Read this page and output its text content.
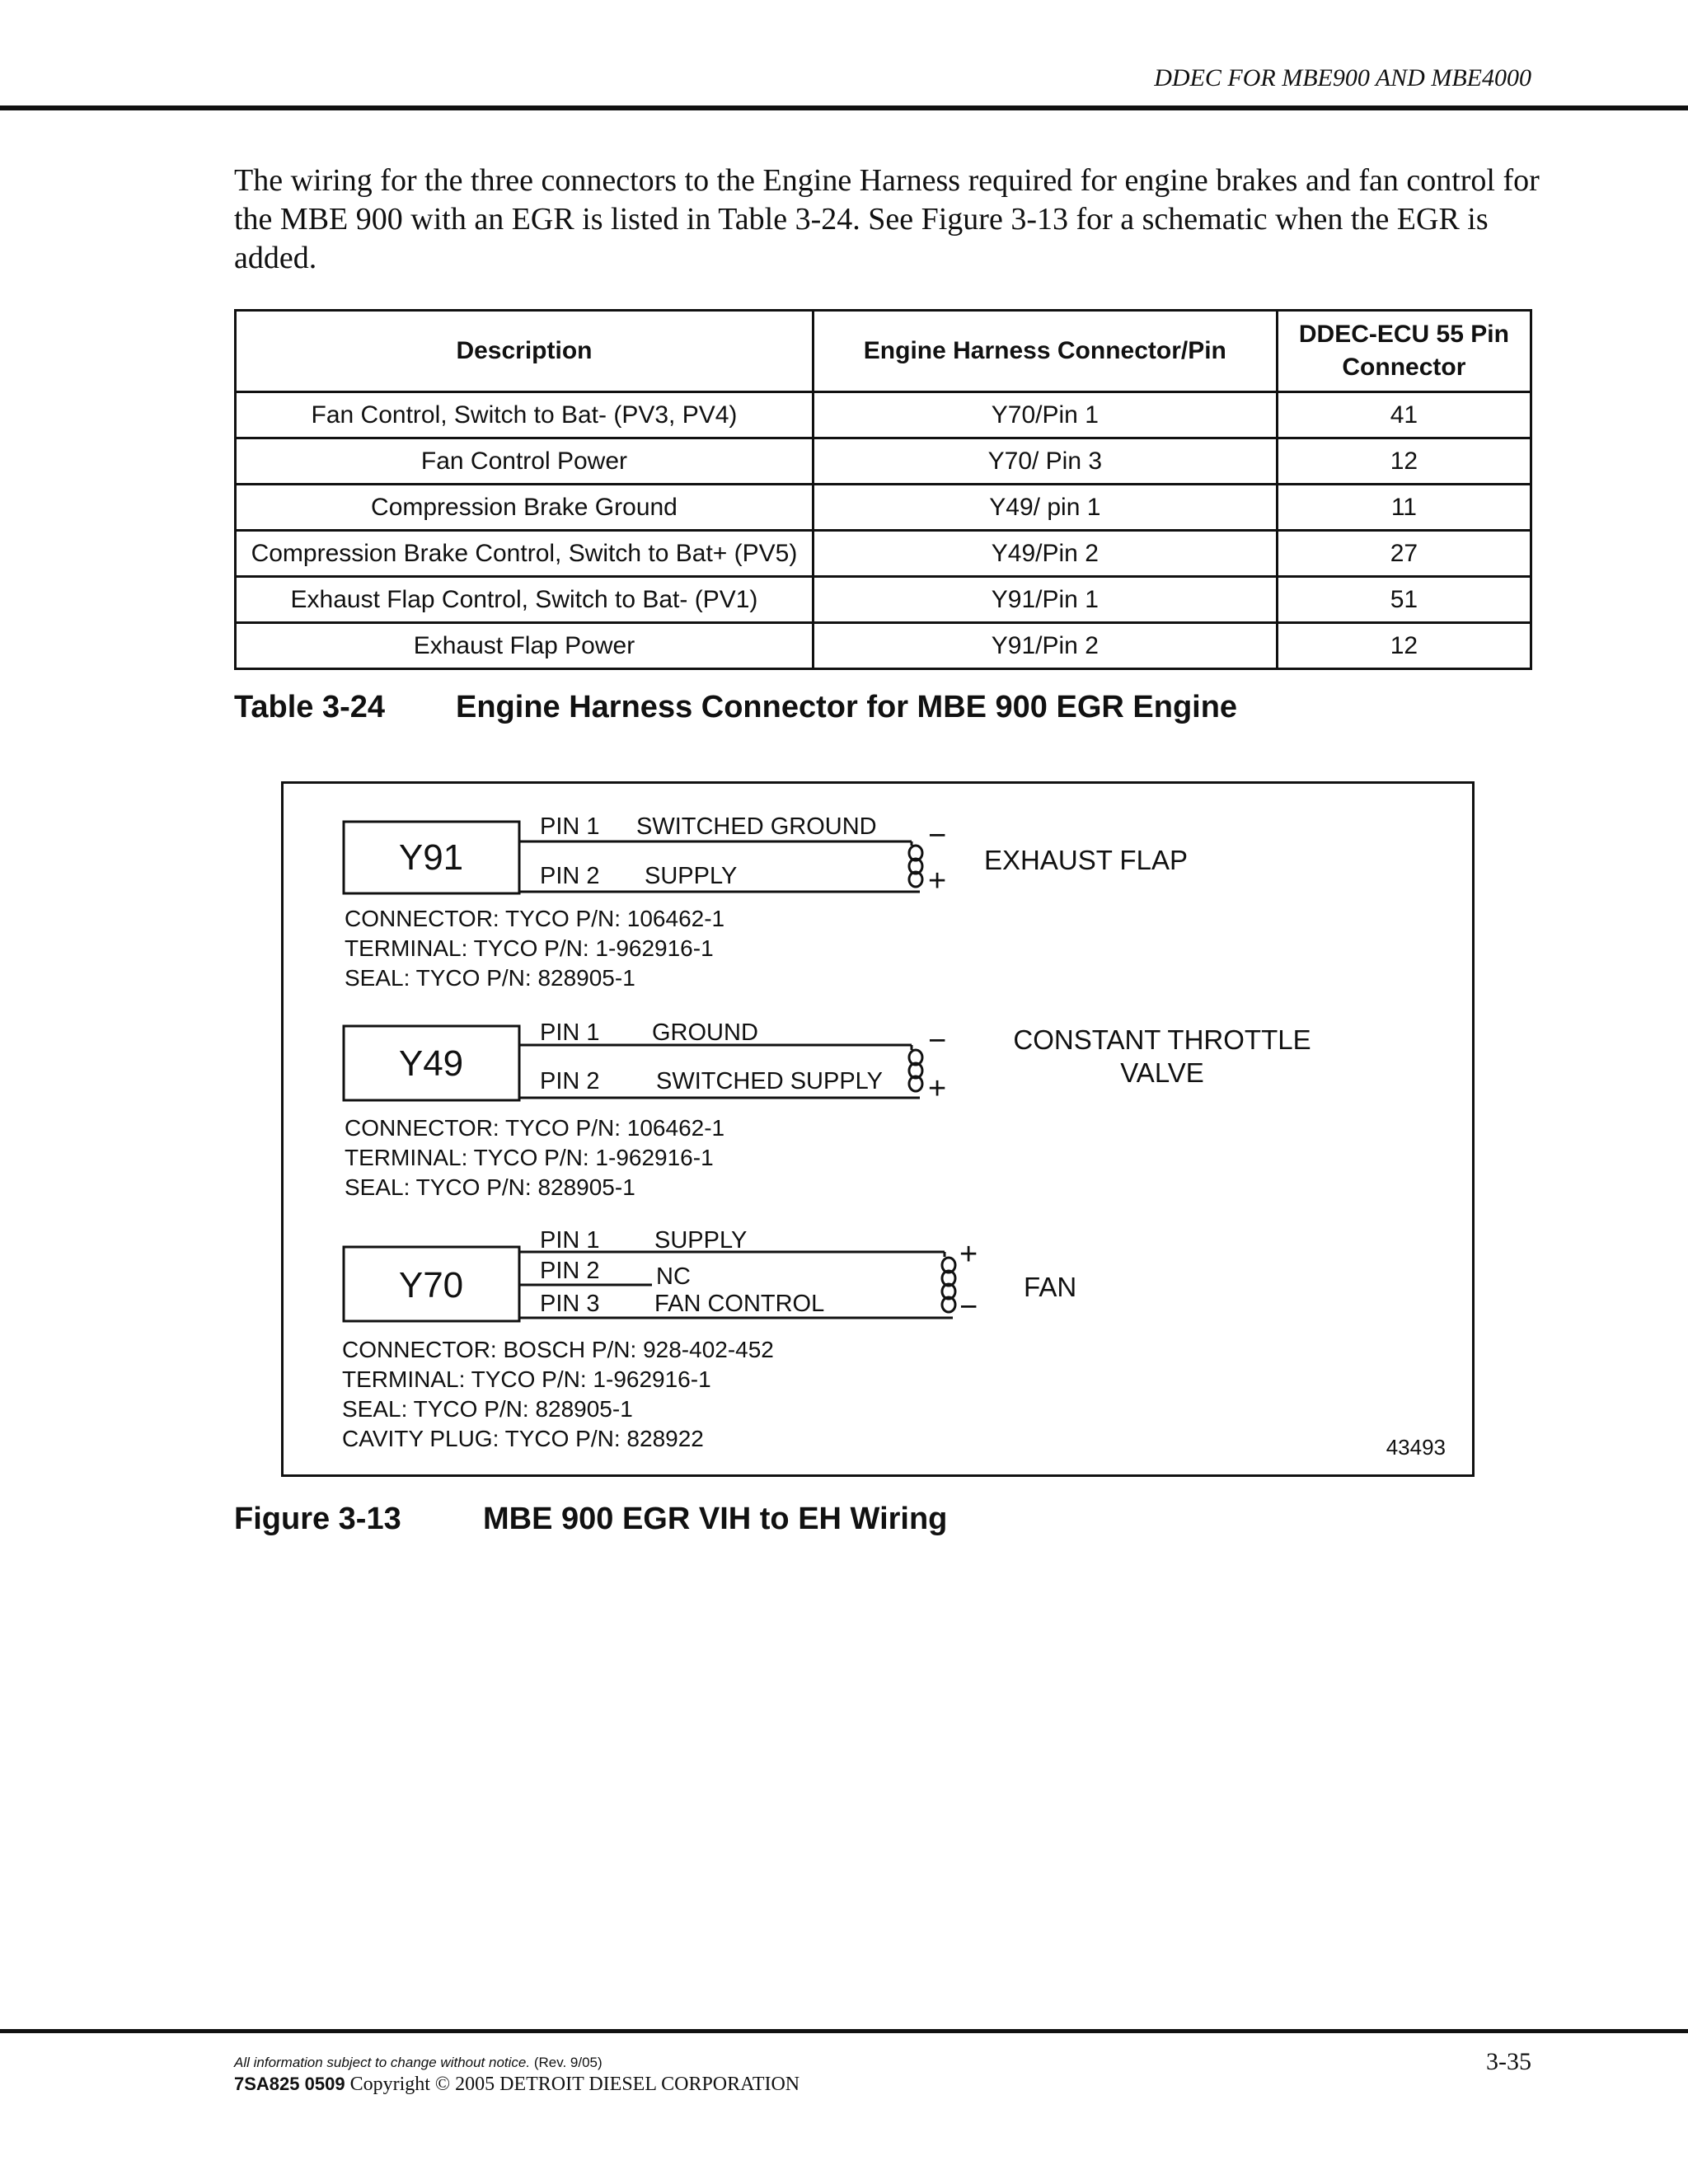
DDEC FOR MBE900 AND MBE4000

The wiring for the three connectors to the Engine Harness required for engine brakes and fan control for the MBE 900 with an EGR is listed in Table 3-24. See Figure 3-13 for a schematic when the EGR is added.

Description	Engine Harness Connector/Pin	DDEC-ECU 55 Pin Connector
Fan Control, Switch to Bat- (PV3, PV4)	Y70/Pin 1	41
Fan Control Power	Y70/ Pin 3	12
Compression Brake Ground	Y49/ pin 1	11
Compression Brake Control, Switch to Bat+ (PV5)	Y49/Pin 2	27
Exhaust Flap Control, Switch to Bat- (PV1)	Y91/Pin 1	51
Exhaust Flap Power	Y91/Pin 2	12
Table 3-24 Engine Harness Connector for MBE 900 EGR Engine
Y91
PIN 1 SWITCHED GROUND
PIN 2 SUPPLY
−
+
EXHAUST FLAP
CONNECTOR: TYCO P/N: 106462-1
TERMINAL: TYCO P/N: 1-962916-1
SEAL: TYCO P/N: 828905-1
Y49
PIN 1 GROUND
PIN 2 SWITCHED SUPPLY
−
+
CONSTANT THROTTLE
VALVE
CONNECTOR: TYCO P/N: 106462-1
TERMINAL: TYCO P/N: 1-962916-1
SEAL: TYCO P/N: 828905-1
Y70
PIN 1 SUPPLY
PIN 2 NC
PIN 3 FAN CONTROL
+
−
FAN
CONNECTOR: BOSCH P/N: 928-402-452
TERMINAL: TYCO P/N: 1-962916-1
SEAL: TYCO P/N: 828905-1
CAVITY PLUG: TYCO P/N: 828922	43493
Figure 3-13	MBE 900 EGR VIH to EH Wiring
All information subject to change without notice. (Rev. 9/05)
7SA825 0509 Copyright © 2005 DETROIT DIESEL CORPORATION
3-35
